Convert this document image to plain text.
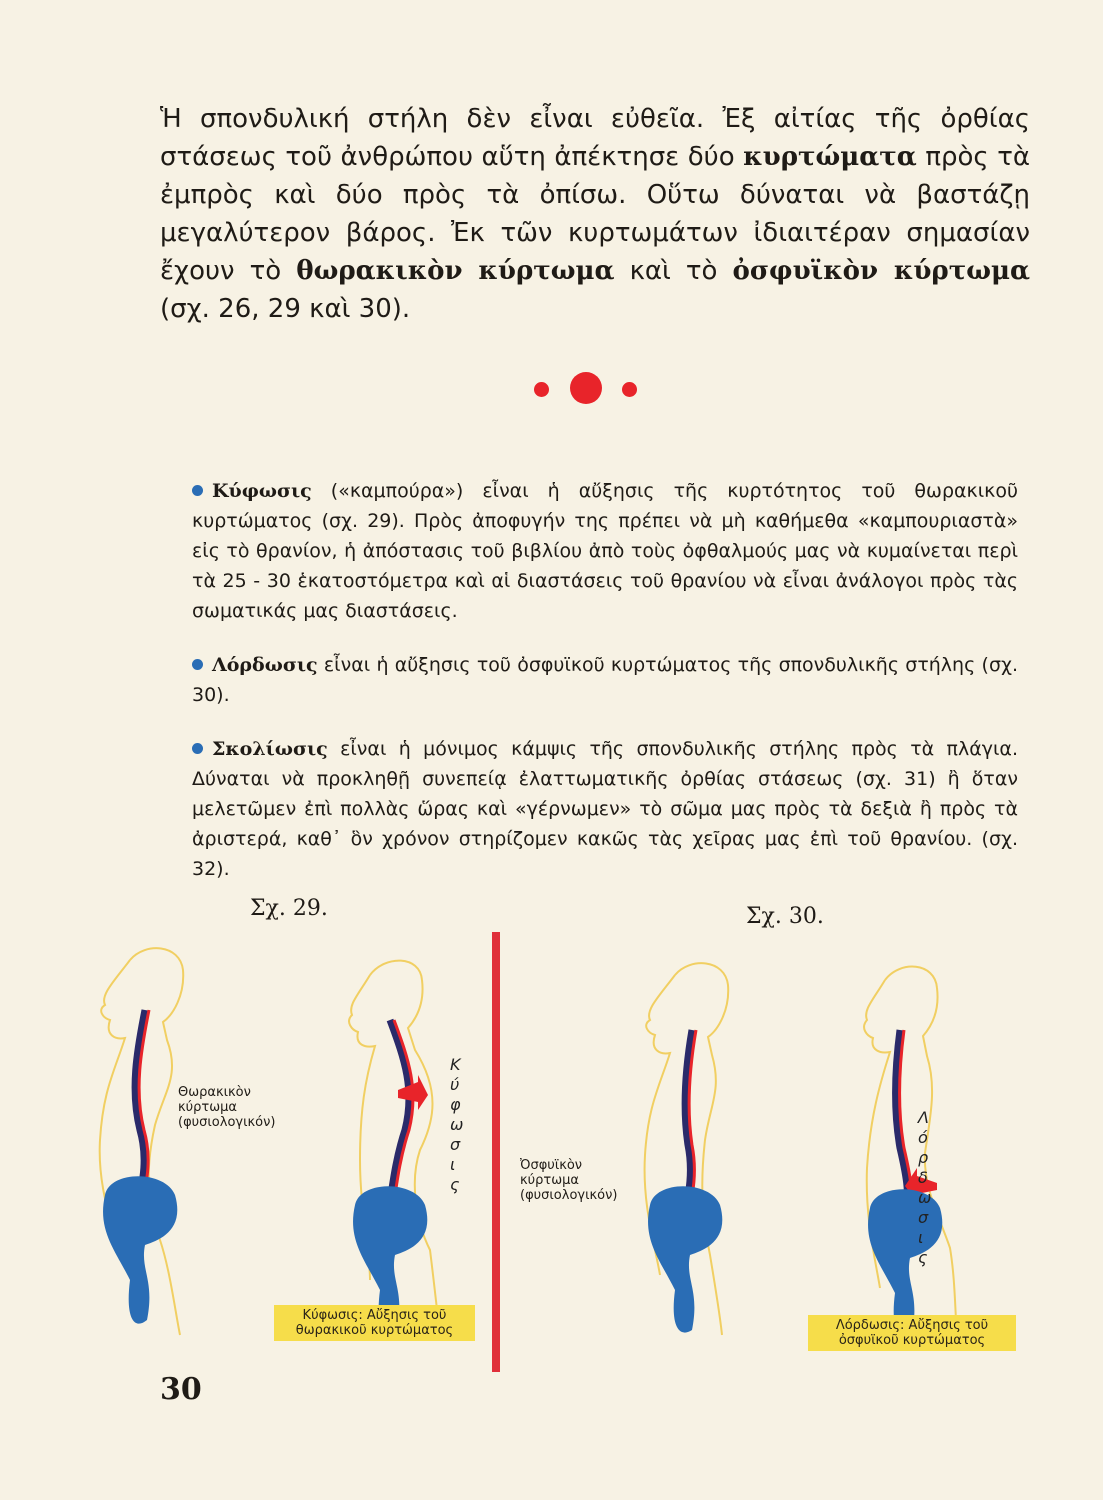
Ἡ σπονδυλική στήλη δὲν εἶναι εὐθεῖα. Ἐξ αἰτίας τῆς ὀρθίας στάσεως τοῦ ἀνθρώπου αὕτη ἀπέκτησε δύο κυρτώματα πρὸς τὰ ἐμπρὸς καὶ δύο πρὸς τὰ ὀπίσω. Οὕτω δύναται νὰ βαστάζῃ μεγαλύτερον βάρος. Ἐκ τῶν κυρτωμάτων ἰδιαιτέραν σημασίαν ἔχουν τὸ θωρακικὸν κύρτωμα καὶ τὸ ὀσφυϊκὸν κύρτωμα (σχ. 26, 29 καὶ 30).

Κύφωσις («καμπούρα») εἶναι ἡ αὔξησις τῆς κυρτότητος τοῦ θωρακικοῦ κυρτώματος (σχ. 29). Πρὸς ἀποφυγήν της πρέπει νὰ μὴ καθήμεθα «καμπουριαστὰ» εἰς τὸ θρανίον, ἡ ἀπόστασις τοῦ βιβλίου ἀπὸ τοὺς ὀφθαλμούς μας νὰ κυμαίνεται περὶ τὰ 25 - 30 ἑκατοστόμετρα καὶ αἱ διαστάσεις τοῦ θρανίου νὰ εἶναι ἀνάλογοι πρὸς τὰς σωματικάς μας διαστάσεις.

Λόρδωσις εἶναι ἡ αὔξησις τοῦ ὀσφυϊκοῦ κυρτώματος τῆς σπονδυλικῆς στήλης (σχ. 30).

Σκολίωσις εἶναι ἡ μόνιμος κάμψις τῆς σπονδυλικῆς στήλης πρὸς τὰ πλάγια. Δύναται νὰ προκληθῇ συνεπείᾳ ἐλαττωματικῆς ὀρθίας στάσεως (σχ. 31) ἢ ὅταν μελετῶμεν ἐπὶ πολλὰς ὥρας καὶ «γέρνωμεν» τὸ σῶμα μας πρὸς τὰ δεξιὰ ἢ πρὸς τὰ ἀριστερά, καθ᾽ ὃν χρόνον στηρίζομεν κακῶς τὰς χεῖρας μας ἐπὶ τοῦ θρανίου. (σχ. 32).

Σχ. 29.	Σχ. 30.
Θωρακικὸν
κύρτωμα
(φυσιολογικόν)
Κ
ύ
φ
ω
σ
ι
ς
Κύφωσις: Αὔξησις τοῦ
θωρακικοῦ κυρτώματος
Ὀσφυϊκὸν
κύρτωμα
(φυσιολογικόν)
Λ
ό
ρ
δ
ω
σ
ι
ς
Λόρδωσις: Αὔξησις τοῦ
ὀσφυϊκοῦ κυρτώματος
30
